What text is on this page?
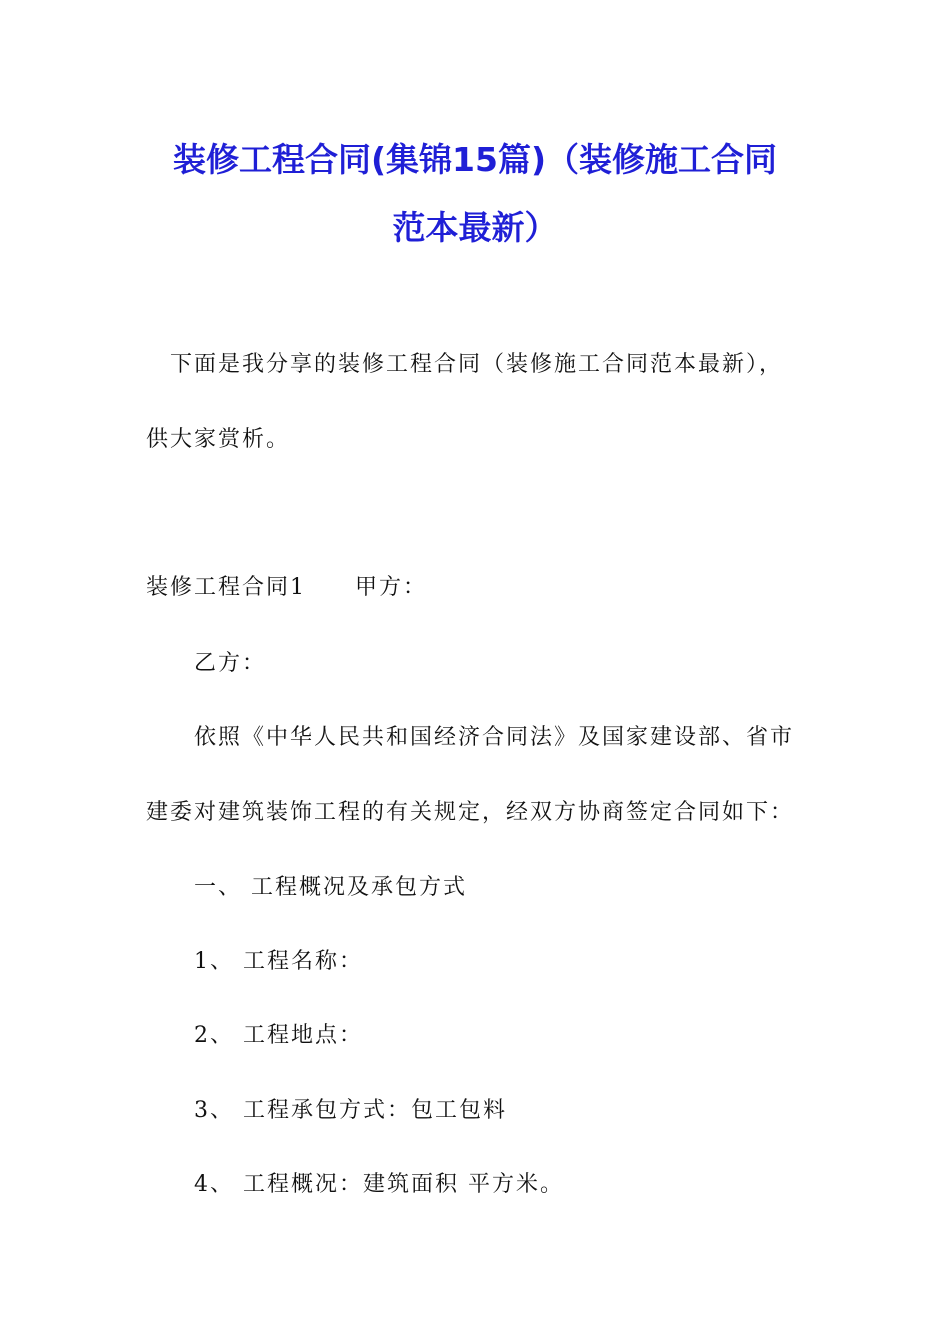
装修工程合同(集锦15篇)（装修施工合同
范本最新）
下面是我分享的装修工程合同（装修施工合同范本最新），
供大家赏析。
装修工程合同1 甲方：
乙方：
依照《中华人民共和国经济合同法》及国家建设部、省市
建委对建筑装饰工程的有关规定，经双方协商签定合同如下：
一、 工程概况及承包方式
1、 工程名称：
2、 工程地点：
3、 工程承包方式：包工包料
4、 工程概况：建筑面积 平方米。
